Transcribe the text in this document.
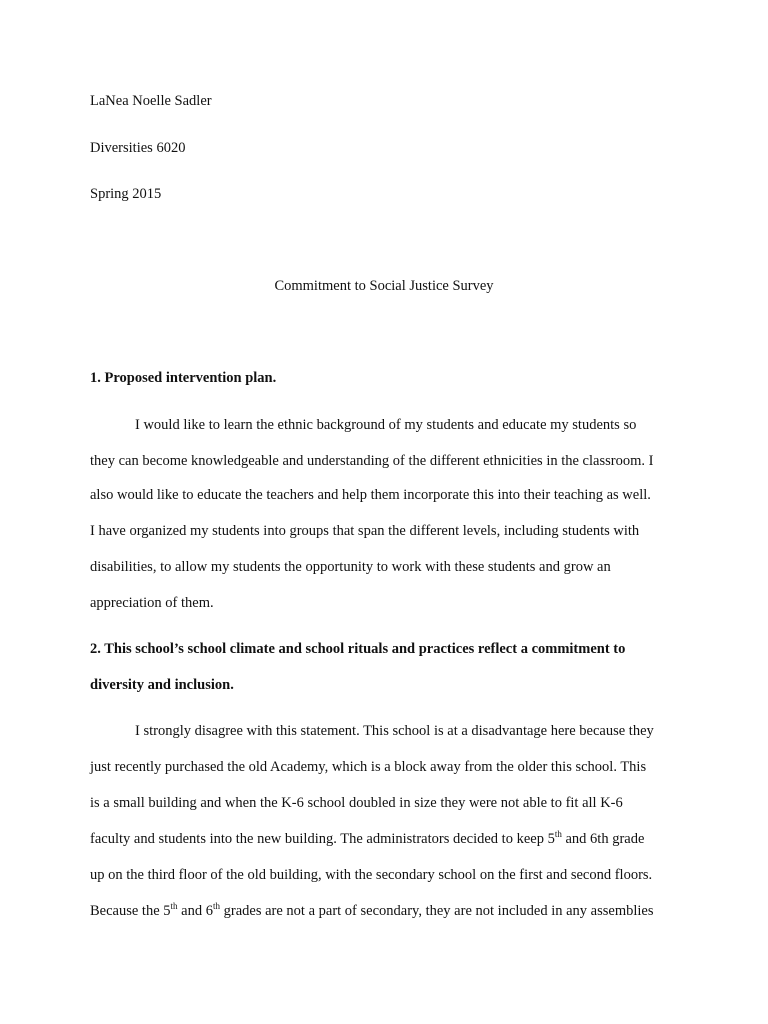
LaNea Noelle Sadler
Diversities 6020
Spring 2015
Commitment to Social Justice Survey
1. Proposed intervention plan.
I would like to learn the ethnic background of my students and educate my students so
they can become knowledgeable and understanding of the different ethnicities in the classroom. I
also would like to educate the teachers and help them incorporate this into their teaching as well.
I have organized my students into groups that span the different levels, including students with
disabilities, to allow my students the opportunity to work with these students and grow an
appreciation of them.
2. This school’s school climate and school rituals and practices reflect a commitment to
diversity and inclusion.
I strongly disagree with this statement. This school is at a disadvantage here because they
just recently purchased the old Academy, which is a block away from the older this school. This
is a small building and when the K-6 school doubled in size they were not able to fit all K-6
faculty and students into the new building. The administrators decided to keep 5th and 6th grade
up on the third floor of the old building, with the secondary school on the first and second floors.
Because the 5th and 6th grades are not a part of secondary, they are not included in any assemblies
